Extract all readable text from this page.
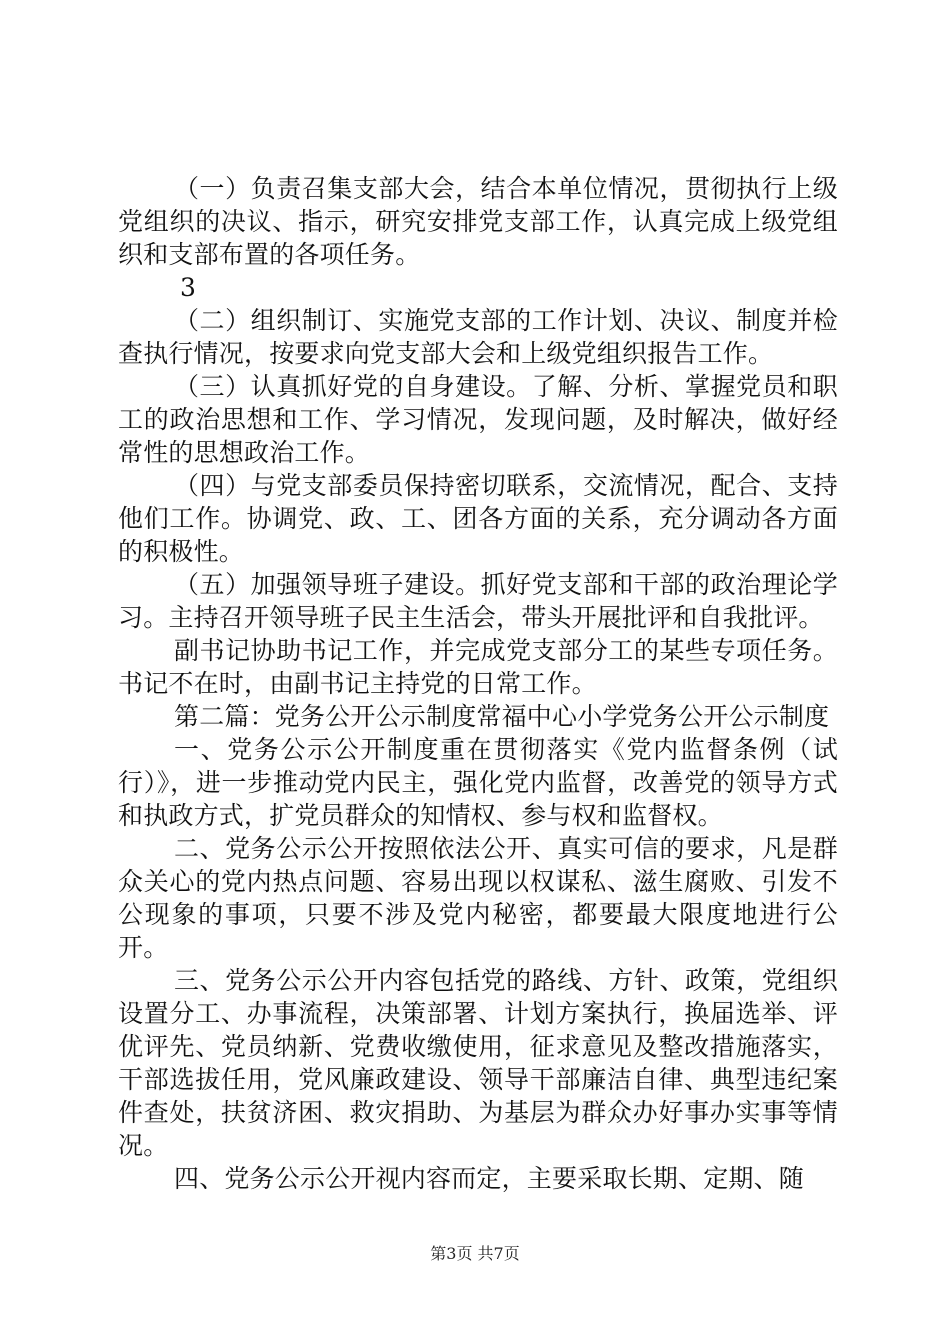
（一）负责召集支部大会，结合本单位情况，贯彻执行上级党组织的决议、指示，研究安排党支部工作，认真完成上级党组织和支部布置的各项任务。

3

（二）组织制订、实施党支部的工作计划、决议、制度并检查执行情况，按要求向党支部大会和上级党组织报告工作。

（三）认真抓好党的自身建设。了解、分析、掌握党员和职工的政治思想和工作、学习情况，发现问题，及时解决，做好经常性的思想政治工作。

（四）与党支部委员保持密切联系，交流情况，配合、支持他们工作。协调党、政、工、团各方面的关系，充分调动各方面的积极性。

（五）加强领导班子建设。抓好党支部和干部的政治理论学习。主持召开领导班子民主生活会，带头开展批评和自我批评。

副书记协助书记工作，并完成党支部分工的某些专项任务。书记不在时，由副书记主持党的日常工作。

第二篇：党务公开公示制度常福中心小学党务公开公示制度

一、党务公示公开制度重在贯彻落实《党内监督条例（试行）》，进一步推动党内民主，强化党内监督，改善党的领导方式和执政方式，扩党员群众的知情权、参与权和监督权。

二、党务公示公开按照依法公开、真实可信的要求，凡是群众关心的党内热点问题、容易出现以权谋私、滋生腐败、引发不公现象的事项，只要不涉及党内秘密，都要最大限度地进行公开。

三、党务公示公开内容包括党的路线、方针、政策，党组织设置分工、办事流程，决策部署、计划方案执行，换届选举、评优评先、党员纳新、党费收缴使用，征求意见及整改措施落实，干部选拔任用，党风廉政建设、领导干部廉洁自律、典型违纪案件查处，扶贫济困、救灾捐助、为基层为群众办好事办实事等情况。

四、党务公示公开视内容而定，主要采取长期、定期、随

第3页 共7页
